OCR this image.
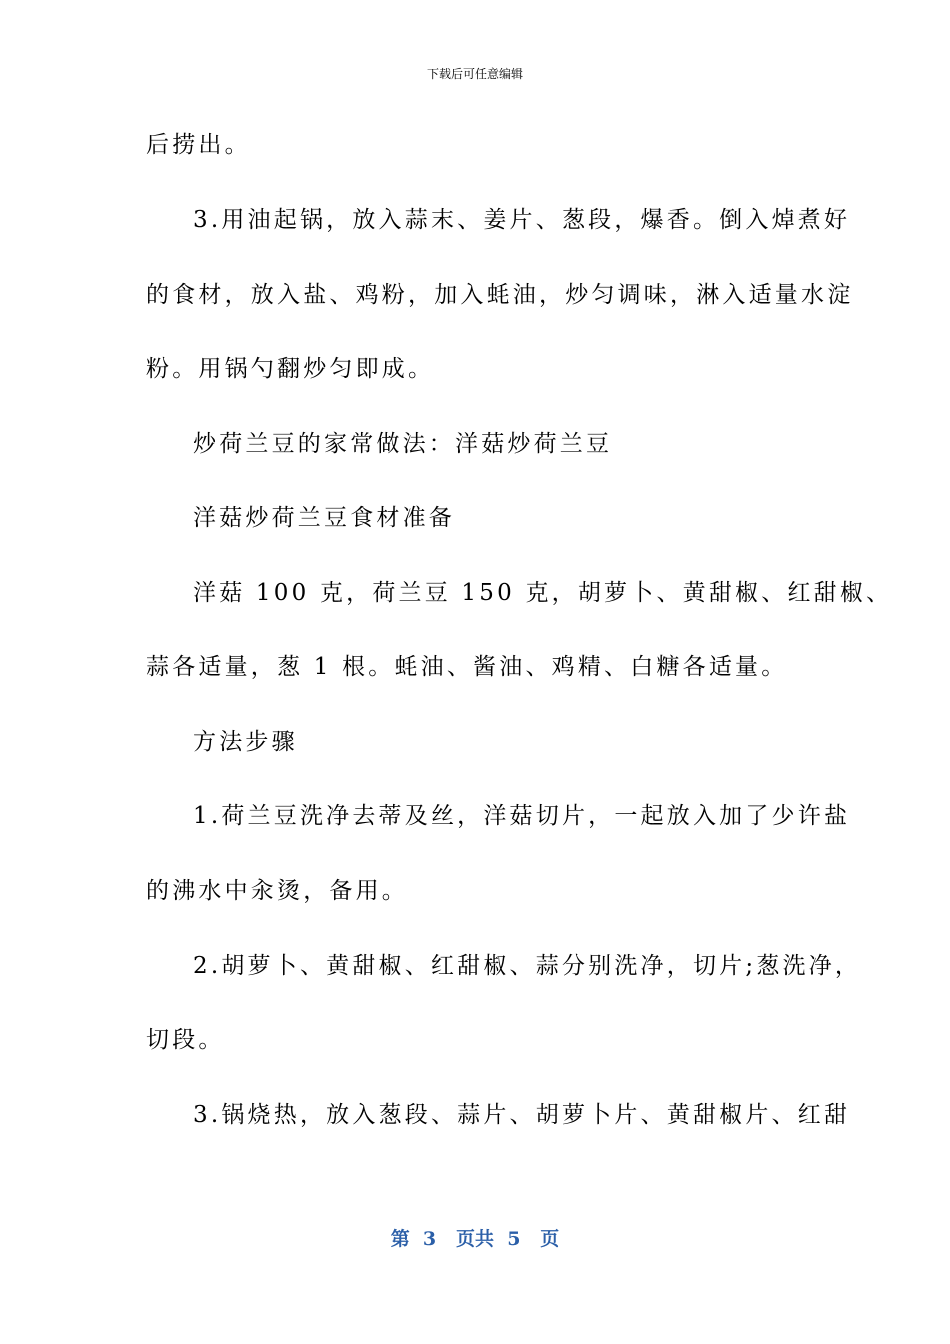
下载后可任意编辑
后捞出。
3.用油起锅，放入蒜末、姜片、葱段，爆香。倒入焯煮好
的食材，放入盐、鸡粉，加入蚝油，炒匀调味，淋入适量水淀
粉。用锅勺翻炒匀即成。
炒荷兰豆的家常做法：洋菇炒荷兰豆
洋菇炒荷兰豆食材准备
洋菇 100 克，荷兰豆 150 克，胡萝卜、黄甜椒、红甜椒、
蒜各适量，葱 1 根。蚝油、酱油、鸡精、白糖各适量。
方法步骤
1.荷兰豆洗净去蒂及丝，洋菇切片，一起放入加了少许盐
的沸水中汆烫，备用。
2.胡萝卜、黄甜椒、红甜椒、蒜分别洗净，切片;葱洗净，
切段。
3.锅烧热，放入葱段、蒜片、胡萝卜片、黄甜椒片、红甜
第  3   页共  5   页
